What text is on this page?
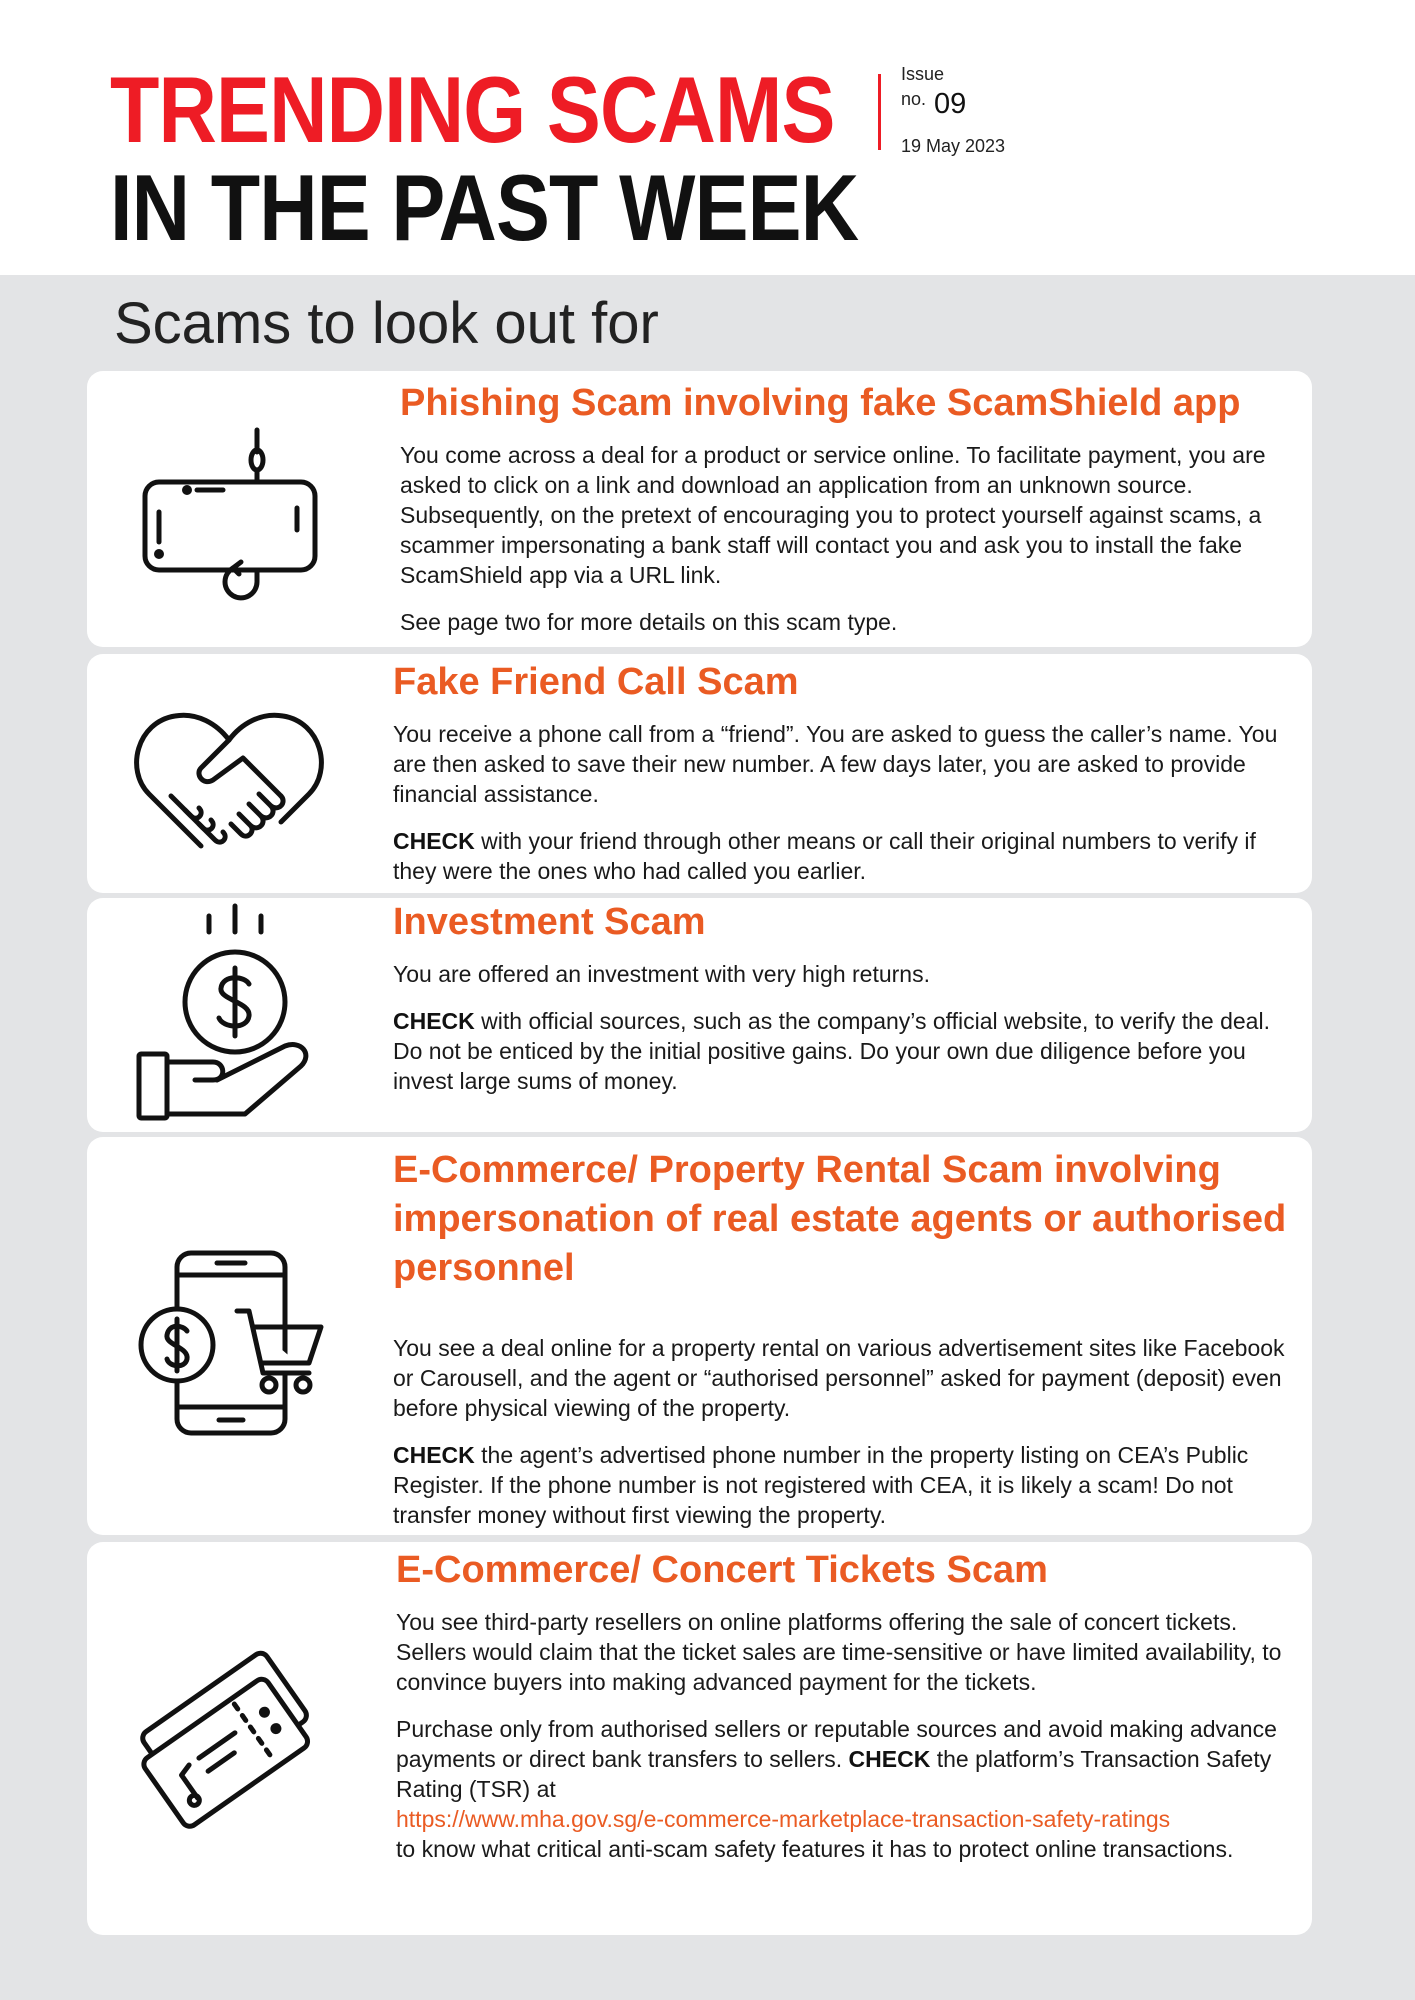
TRENDING SCAMS
IN THE PAST WEEK
Issue
no. 09
19 May 2023
Scams to look out for
Phishing Scam involving fake ScamShield app

You come across a deal for a product or service online. To facilitate payment, you are asked to click on a link and download an application from an unknown source. Subsequently, on the pretext of encouraging you to protect yourself against scams, a scammer impersonating a bank staff will contact you and ask you to install the fake ScamShield app via a URL link.

See page two for more details on this scam type.

Fake Friend Call Scam

You receive a phone call from a “friend”. You are asked to guess the caller’s name. You are then asked to save their new number. A few days later, you are asked to provide financial assistance.

CHECK with your friend through other means or call their original numbers to verify if they were the ones who had called you earlier.

Investment Scam

You are offered an investment with very high returns.

CHECK with official sources, such as the company’s official website, to verify the deal. Do not be enticed by the initial positive gains. Do your own due diligence before you invest large sums of money.

E-Commerce/ Property Rental Scam involving impersonation of real estate agents or authorised personnel

You see a deal online for a property rental on various advertisement sites like Facebook or Carousell, and the agent or “authorised personnel” asked for payment (deposit) even before physical viewing of the property.

CHECK the agent’s advertised phone number in the property listing on CEA’s Public Register. If the phone number is not registered with CEA, it is likely a scam! Do not transfer money without first viewing the property.

E-Commerce/ Concert Tickets Scam

You see third-party resellers on online platforms offering the sale of concert tickets. Sellers would claim that the ticket sales are time-sensitive or have limited availability, to convince buyers into making advanced payment for the tickets.

Purchase only from authorised sellers or reputable sources and avoid making advance payments or direct bank transfers to sellers. CHECK the platform’s Transaction Safety Rating (TSR) at
https://www.mha.gov.sg/e-commerce-marketplace-transaction-safety-ratings
to know what critical anti-scam safety features it has to protect online transactions.
